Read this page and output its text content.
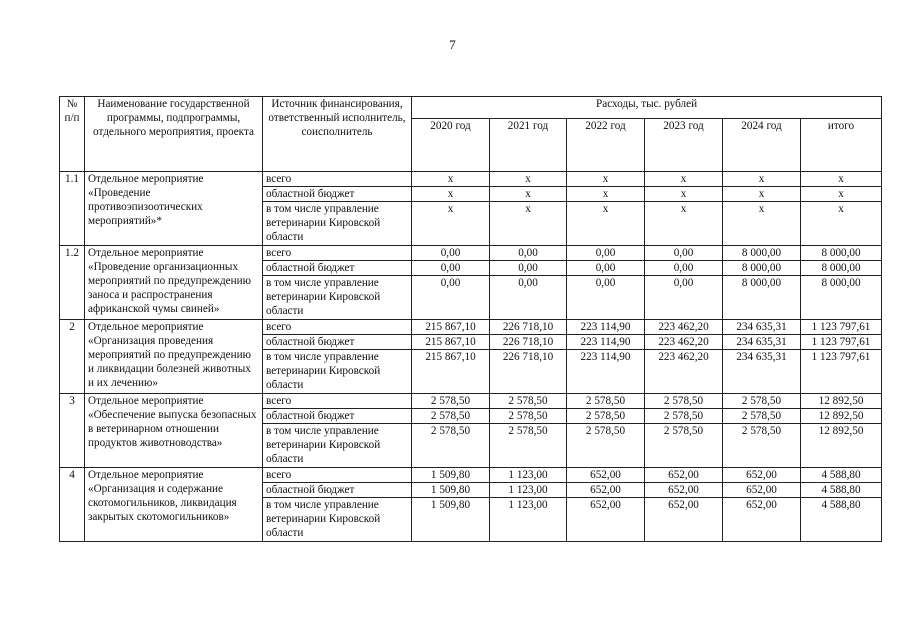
7
№ п/п	Наименование государственной программы, подпрограммы, отдельного мероприятия, проекта	Источник финансирования, ответственный исполнитель, соисполнитель	Расходы, тыс. рублей					
			2020 год	2021 год	2022 год	2023 год	2024 год	итого
1.1	Отдельное мероприятие «Проведение противоэпизоотических мероприятий»*	всего	х	х	х	х	х	х
		областной бюджет	х	х	х	х	х	х
		в том числе управление ветеринарии Кировской области	х	х	х	х	х	х
1.2	Отдельное мероприятие «Проведение организационных мероприятий по предупреждению заноса и распространения африканской чумы свиней»	всего	0,00	0,00	0,00	0,00	8 000,00	8 000,00
		областной бюджет	0,00	0,00	0,00	0,00	8 000,00	8 000,00
		в том числе управление ветеринарии Кировской области	0,00	0,00	0,00	0,00	8 000,00	8 000,00
2	Отдельное мероприятие «Организация проведения мероприятий по предупреждению и ликвидации болезней животных и их лечению»	всего	215 867,10	226 718,10	223 114,90	223 462,20	234 635,31	1 123 797,61
		областной бюджет	215 867,10	226 718,10	223 114,90	223 462,20	234 635,31	1 123 797,61
		в том числе управление ветеринарии Кировской области	215 867,10	226 718,10	223 114,90	223 462,20	234 635,31	1 123 797,61
3	Отдельное мероприятие «Обеспечение выпуска безопасных в ветеринарном отношении продуктов животноводства»	всего	2 578,50	2 578,50	2 578,50	2 578,50	2 578,50	12 892,50
		областной бюджет	2 578,50	2 578,50	2 578,50	2 578,50	2 578,50	12 892,50
		в том числе управление ветеринарии Кировской области	2 578,50	2 578,50	2 578,50	2 578,50	2 578,50	12 892,50
4	Отдельное мероприятие «Организация и содержание скотомогильников, ликвидация закрытых скотомогильников»	всего	1 509,80	1 123,00	652,00	652,00	652,00	4 588,80
		областной бюджет	1 509,80	1 123,00	652,00	652,00	652,00	4 588,80
		в том числе управление ветеринарии Кировской области	1 509,80	1 123,00	652,00	652,00	652,00	4 588,80
